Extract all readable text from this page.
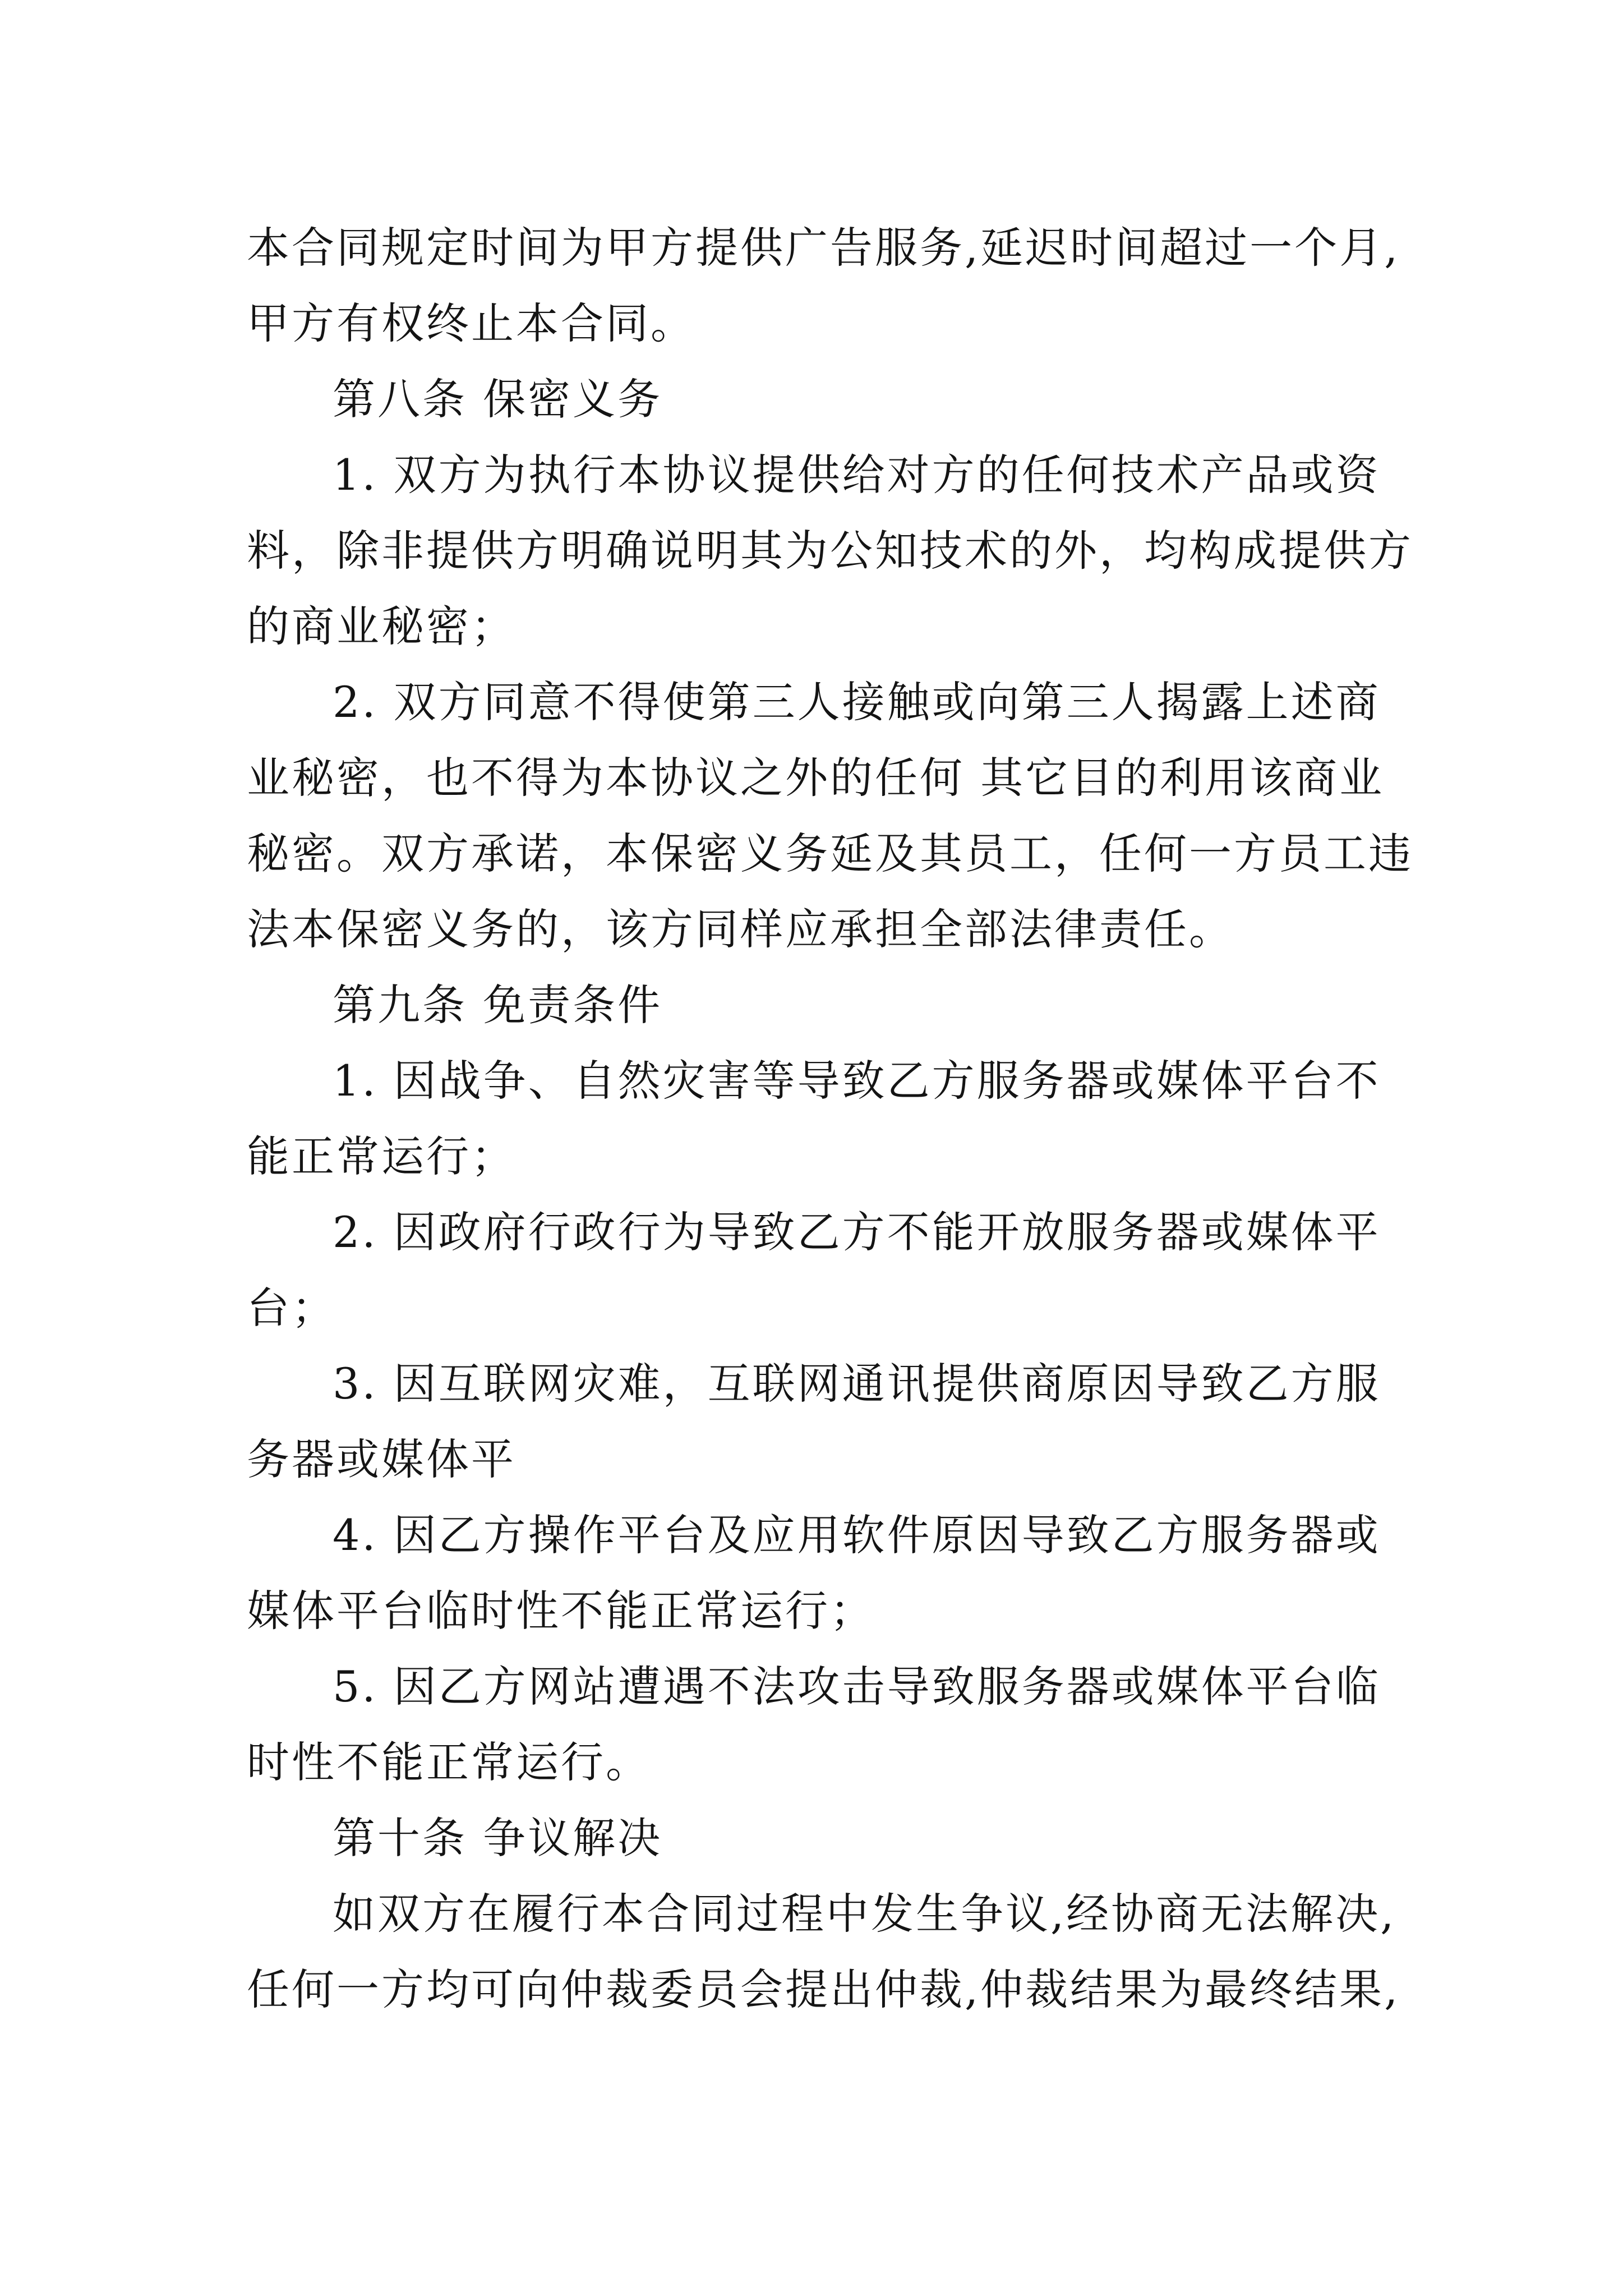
本合同规定时间为甲方提供广告服务,延迟时间超过一个月,
甲方有权终止本合同。
第八条 保密义务
1. 双方为执行本协议提供给对方的任何技术产品或资
料，除非提供方明确说明其为公知技术的外，均构成提供方
的商业秘密；
2. 双方同意不得使第三人接触或向第三人揭露上述商
业秘密，也不得为本协议之外的任何 其它目的利用该商业
秘密。双方承诺，本保密义务延及其员工，任何一方员工违
法本保密义务的，该方同样应承担全部法律责任。
第九条 免责条件
1. 因战争、自然灾害等导致乙方服务器或媒体平台不
能正常运行；
2. 因政府行政行为导致乙方不能开放服务器或媒体平
台；
3. 因互联网灾难，互联网通讯提供商原因导致乙方服
务器或媒体平
4. 因乙方操作平台及应用软件原因导致乙方服务器或
媒体平台临时性不能正常运行；
5. 因乙方网站遭遇不法攻击导致服务器或媒体平台临
时性不能正常运行。
第十条 争议解决
如双方在履行本合同过程中发生争议,经协商无法解决,
任何一方均可向仲裁委员会提出仲裁,仲裁结果为最终结果,
